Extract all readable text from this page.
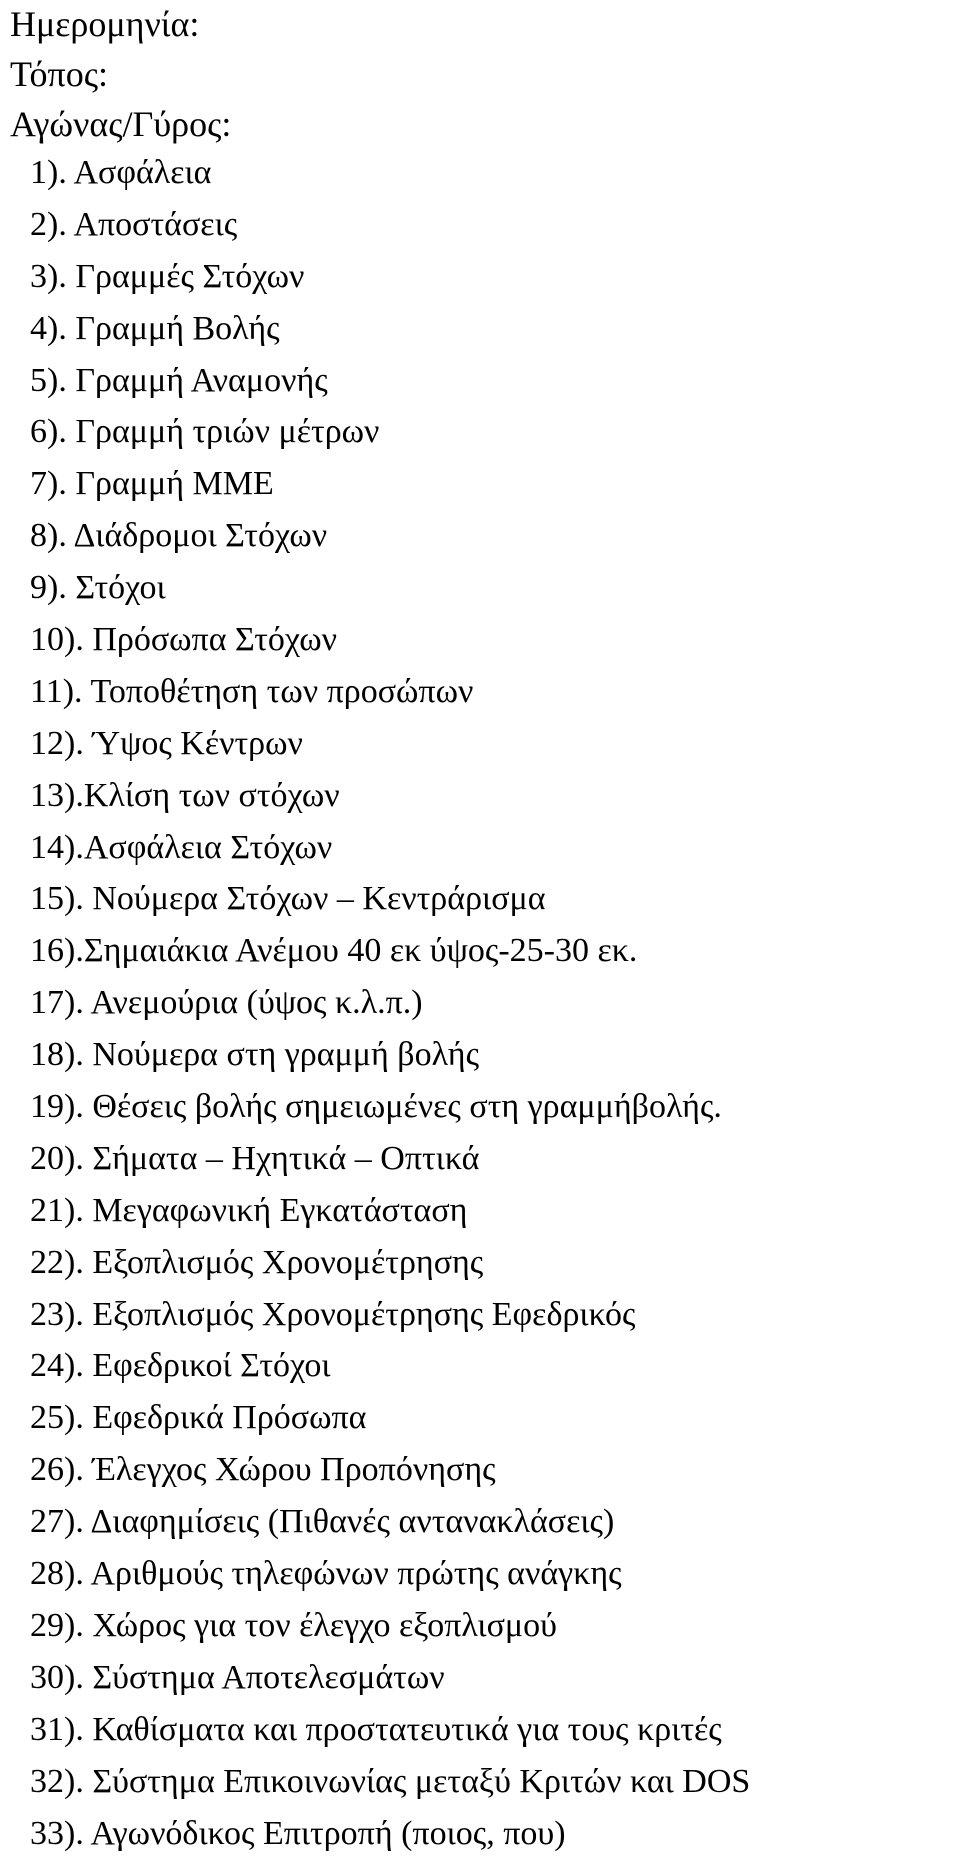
Ημερομηνία:
Τόπος:
Αγώνας/Γύρος:
1). Ασφάλεια
2). Αποστάσεις
3). Γραμμές Στόχων
4). Γραμμή Βολής
5). Γραμμή Αναμονής
6). Γραμμή τριών μέτρων
7). Γραμμή ΜΜΕ
8). Διάδρομοι Στόχων
9). Στόχοι
10). Πρόσωπα Στόχων
11). Τοποθέτηση των προσώπων
12). Ύψος Κέντρων
13).Κλίση των στόχων
14).Ασφάλεια Στόχων
15). Νούμερα Στόχων – Κεντράρισμα
16).Σημαιάκια Ανέμου 40 εκ ύψος-25-30 εκ.
17). Ανεμούρια (ύψος κ.λ.π.)
18). Νούμερα στη γραμμή βολής
19). Θέσεις βολής σημειωμένες στη γραμμήβολής.
20). Σήματα – Ηχητικά – Οπτικά
21). Μεγαφωνική Εγκατάσταση
22). Εξοπλισμός Χρονομέτρησης
23). Εξοπλισμός Χρονομέτρησης Εφεδρικός
24). Εφεδρικοί Στόχοι
25). Εφεδρικά Πρόσωπα
26). Έλεγχος Χώρου Προπόνησης
27). Διαφημίσεις (Πιθανές αντανακλάσεις)
28). Αριθμούς τηλεφώνων πρώτης ανάγκης
29). Χώρος για τον έλεγχο εξοπλισμού
30). Σύστημα Αποτελεσμάτων
31). Καθίσματα και προστατευτικά για τους κριτές
32). Σύστημα Επικοινωνίας μεταξύ Κριτών και DOS
33). Αγωνόδικος Επιτροπή (ποιος, που)
